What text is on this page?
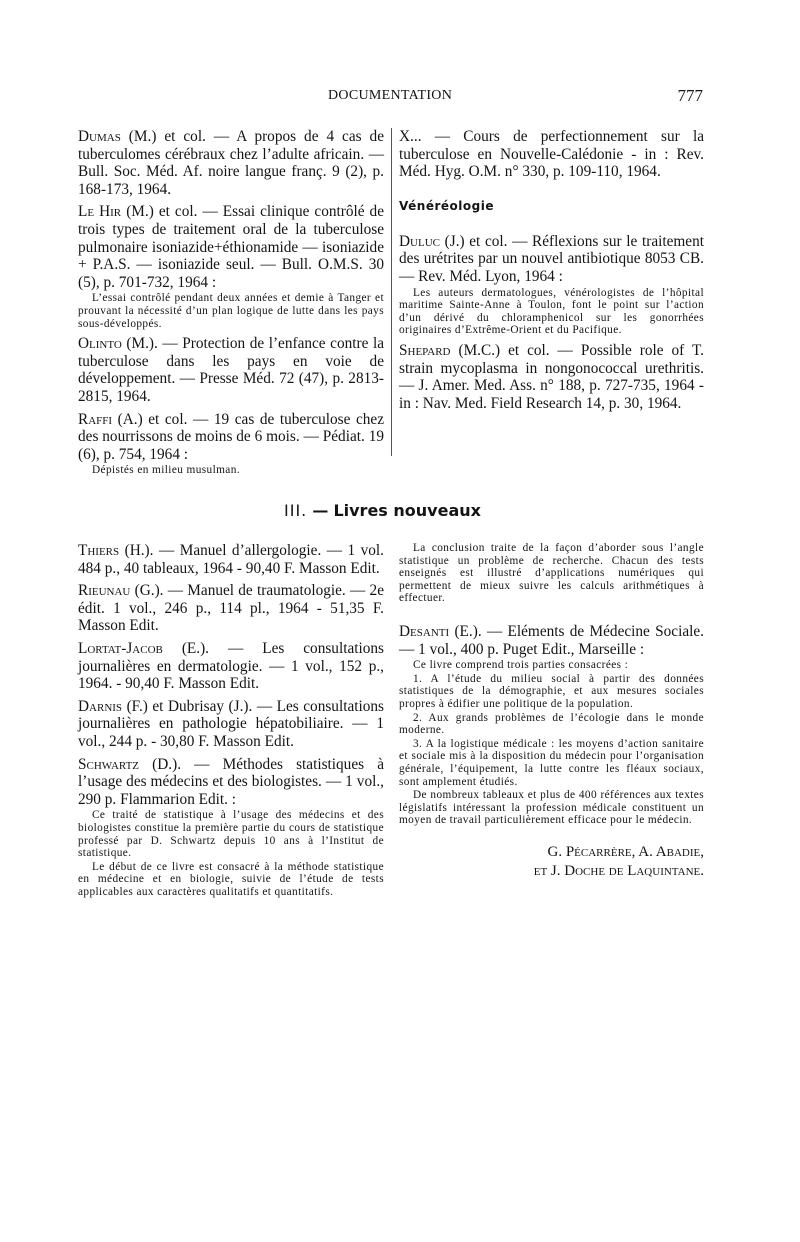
DOCUMENTATION	777
Dumas (M.) et col. — A propos de 4 cas de tuberculomes cérébraux chez l’adulte africain. — Bull. Soc. Méd. Af. noire langue franç. 9 (2), p. 168-173, 1964.
Le Hir (M.) et col. — Essai clinique contrôlé de trois types de traitement oral de la tuberculose pulmonaire isoniazide+éthionamide — isoniazide + P.A.S. — isoniazide seul. — Bull. O.M.S. 30 (5), p. 701-732, 1964 :
L’essai contrôlé pendant deux années et demie à Tanger et prouvant la nécessité d’un plan logique de lutte dans les pays sous-développés.
Olinto (M.). — Protection de l’enfance contre la tuberculose dans les pays en voie de développement. — Presse Méd. 72 (47), p. 2813-2815, 1964.
Raffi (A.) et col. — 19 cas de tuberculose chez des nourrissons de moins de 6 mois. — Pédiat. 19 (6), p. 754, 1964 :
Dépistés en milieu musulman.
X... — Cours de perfectionnement sur la tuberculose en Nouvelle-Calédonie - in : Rev. Méd. Hyg. O.M. n° 330, p. 109-110, 1964.
Vénéréologie
Duluc (J.) et col. — Réflexions sur le traitement des urétrites par un nouvel antibiotique 8053 CB. — Rev. Méd. Lyon, 1964 :
Les auteurs dermatologues, vénérologistes de l’hôpital maritime Sainte-Anne à Toulon, font le point sur l’action d’un dérivé du chloramphenicol sur les gonorrhées originaires d’Extrême-Orient et du Pacifique.
Shepard (M.C.) et col. — Possible role of T. strain mycoplasma in nongonococcal urethritis. — J. Amer. Med. Ass. n° 188, p. 727-735, 1964 - in : Nav. Med. Field Research 14, p. 30, 1964.
III. — Livres nouveaux
Thiers (H.). — Manuel d’allergologie. — 1 vol. 484 p., 40 tableaux, 1964 - 90,40 F. Masson Edit.
Rieunau (G.). — Manuel de traumatologie. — 2e édit. 1 vol., 246 p., 114 pl., 1964 - 51,35 F. Masson Edit.
Lortat-Jacob (E.). — Les consultations journalières en dermatologie. — 1 vol., 152 p., 1964. - 90,40 F. Masson Edit.
Darnis (F.) et Dubrisay (J.). — Les consultations journalières en pathologie hépatobiliaire. — 1 vol., 244 p. - 30,80 F. Masson Edit.
Schwartz (D.). — Méthodes statistiques à l’usage des médecins et des biologistes. — 1 vol., 290 p. Flammarion Edit. :
Ce traité de statistique à l’usage des médecins et des biologistes constitue la première partie du cours de statistique professé par D. Schwartz depuis 10 ans à l’Institut de statistique.
Le début de ce livre est consacré à la méthode statistique en médecine et en biologie, suivie de l’étude de tests applicables aux caractères qualitatifs et quantitatifs.
La conclusion traite de la façon d’aborder sous l’angle statistique un problème de recherche. Chacun des tests enseignés est illustré d’applications numériques qui permettent de mieux suivre les calculs arithmétiques à effectuer.
Desanti (E.). — Eléments de Médecine Sociale. — 1 vol., 400 p. Puget Edit., Marseille :
Ce livre comprend trois parties consacrées :
1. A l’étude du milieu social à partir des données statistiques de la démographie, et aux mesures sociales propres à édifier une politique de la population.
2. Aux grands problèmes de l’écologie dans le monde moderne.
3. A la logistique médicale : les moyens d’action sanitaire et sociale mis à la disposition du médecin pour l’organisation générale, l’équipement, la lutte contre les fléaux sociaux, sont amplement étudiés.
De nombreux tableaux et plus de 400 références aux textes législatifs intéressant la profession médicale constituent un moyen de travail particulièrement efficace pour le médecin.
G. Pécarrère, A. Abadie,
et J. Doche de Laquintane.
